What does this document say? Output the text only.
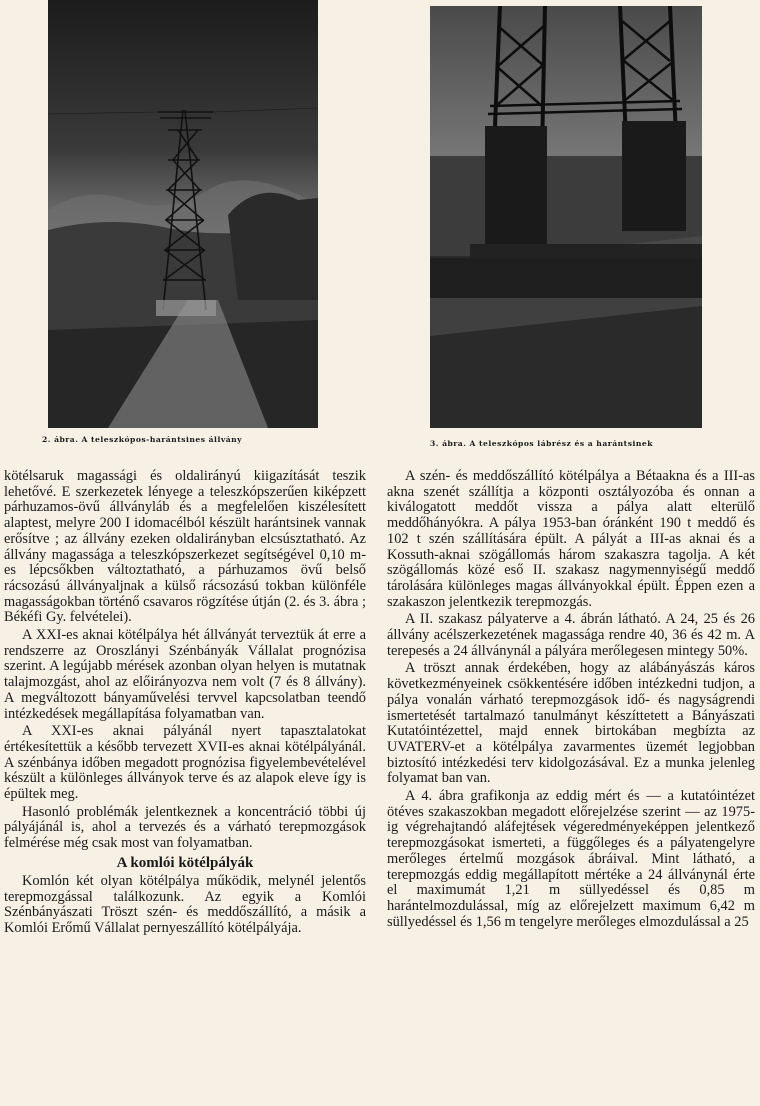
2. ábra. A teleszkópos-harántsines állvány	3. ábra. A teleszkópos lábrész és a harántsinek

kötélsaruk magassági és oldalirányú kiigazítását teszik lehetővé. E szerkezetek lényege a teleszkópszerűen kiképzett párhuzamos-övű állványláb és a megfelelően kiszélesített alaptest, melyre 200 I idomacélból készült harántsinek vannak erősítve ; az állvány ezeken oldalirányban elcsúsztatható. Az állvány magassága a teleszkópszerkezet segítségével 0,10 m-es lépcsőkben változtatható, a párhuzamos övű belső rácsozású állványaljnak a külső rácsozású tokban különféle magasságokban történő csavaros rögzítése útján (2. és 3. ábra ; Békéfi Gy. felvételei).

A XXI-es aknai kötélpálya hét állványát terveztük át erre a rendszerre az Oroszlányi Szénbányák Vállalat prognózisa szerint. A legújabb mérések azonban olyan helyen is mutatnak talajmozgást, ahol az előirányozva nem volt (7 és 8 állvány). A megváltozott bányaművelési tervvel kapcsolatban teendő intézkedések megállapítása folyamatban van.

A XXI-es aknai pályánál nyert tapasztalatokat értékesítettük a később tervezett XVII-es aknai kötélpályánál. A szénbánya időben megadott prognózisa figyelembevételével készült a különleges állványok terve és az alapok eleve így is épültek meg.

Hasonló problémák jelentkeznek a koncentráció többi új pályájánál is, ahol a tervezés és a várható terepmozgások felmérése még csak most van folyamatban.

A komlói kötélpályák

Komlón két olyan kötélpálya működik, melynél jelentős terepmozgással találkozunk. Az egyik a Komlói Szénbányászati Tröszt szén- és meddőszállító, a másik a Komlói Erőmű Vállalat pernyeszállító kötélpályája.

A szén- és meddőszállító kötélpálya a Bétaakna és a III-as akna szenét szállítja a központi osztályozóba és onnan a kiválogatott meddőt vissza a pálya alatt elterülő meddőhányókra. A pálya 1953-ban óránként 190 t meddő és 102 t szén szállítására épült. A pályát a III-as aknai és a Kossuth-aknai szögállomás három szakaszra tagolja. A két szögállomás közé eső II. szakasz nagymennyiségű meddő tárolására különleges magas állványokkal épült. Éppen ezen a szakaszon jelentkezik terepmozgás.

A II. szakasz pályaterve a 4. ábrán látható. A 24, 25 és 26 állvány acélszerkezetének magassága rendre 40, 36 és 42 m. A terepesés a 24 állványnál a pályára merőlegesen mintegy 50%.

A tröszt annak érdekében, hogy az alábányászás káros következményeinek csökkentésére időben intézkedni tudjon, a pálya vonalán várható terepmozgások idő- és nagyságrendi ismertetését tartalmazó tanulmányt készíttetett a Bányászati Kutatóintézettel, majd ennek birtokában megbízta az UVATERV-et a kötélpálya zavarmentes üzemét legjobban biztosító intézkedési terv kidolgozásával. Ez a munka jelenleg folyamat ban van.

A 4. ábra grafikonja az eddig mért és — a kutatóintézet ötéves szakaszokban megadott előrejelzése szerint — az 1975-ig végrehajtandó aláfejtések végeredményeképpen jelentkező terepmozgásokat ismerteti, a függőleges és a pályatengelyre merőleges értelmű mozgások ábráival. Mint látható, a terepmozgás eddig megállapított mértéke a 24 állványnál érte el maximumát 1,21 m süllyedéssel és 0,85 m harántelmozdulással, míg az előrejelzett maximum 6,42 m süllyedéssel és 1,56 m tengelyre merőleges elmozdulással a 25
